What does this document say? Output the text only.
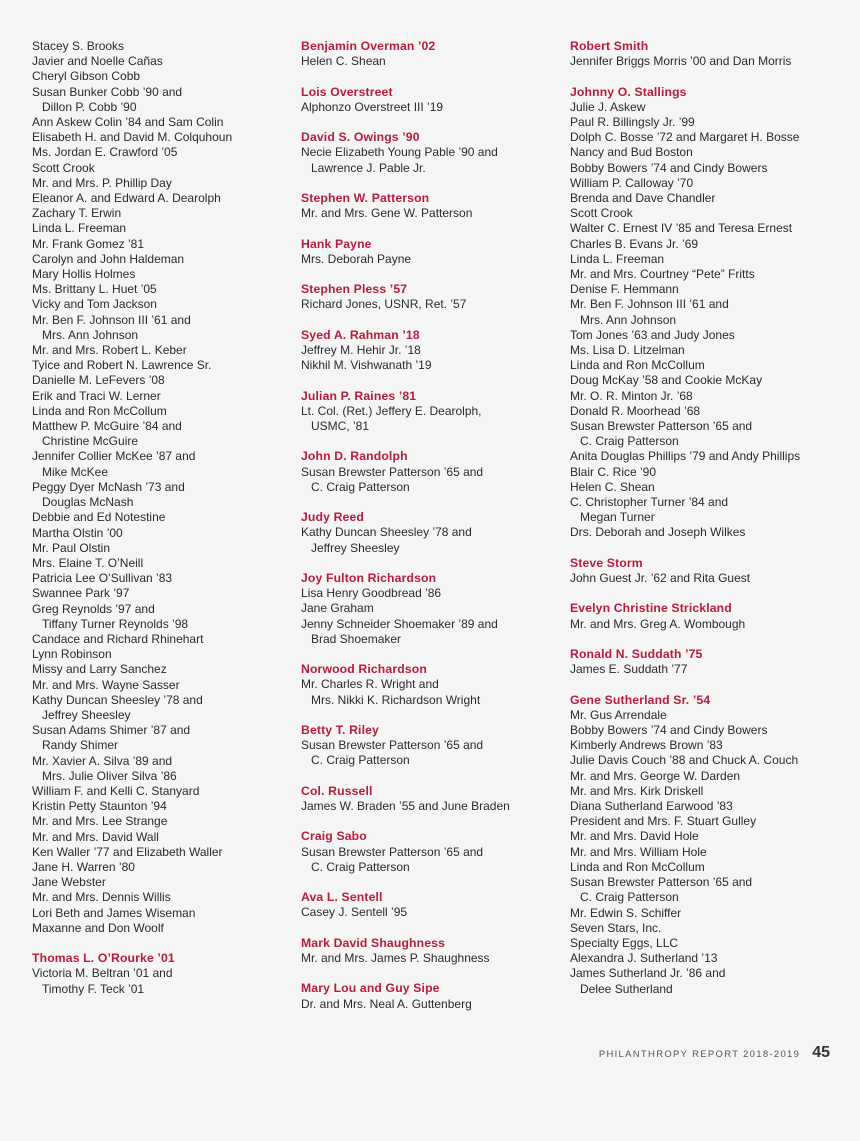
Stacey S. Brooks
Javier and Noelle Cañas
Cheryl Gibson Cobb
Susan Bunker Cobb ’90 and
Dillon P. Cobb ’90
Ann Askew Colin ’84 and Sam Colin
Elisabeth H. and David M. Colquhoun
Ms. Jordan E. Crawford ’05
Scott Crook
Mr. and Mrs. P. Phillip Day
Eleanor A. and Edward A. Dearolph
Zachary T. Erwin
Linda L. Freeman
Mr. Frank Gomez ’81
Carolyn and John Haldeman
Mary Hollis Holmes
Ms. Brittany L. Huet ’05
Vicky and Tom Jackson
Mr. Ben F. Johnson III ’61 and
Mrs. Ann Johnson
Mr. and Mrs. Robert L. Keber
Tyice and Robert N. Lawrence Sr.
Danielle M. LeFevers ’08
Erik and Traci W. Lerner
Linda and Ron McCollum
Matthew P. McGuire ’84 and
Christine McGuire
Jennifer Collier McKee ’87 and
Mike McKee
Peggy Dyer McNash ’73 and
Douglas McNash
Debbie and Ed Notestine
Martha Olstin ’00
Mr. Paul Olstin
Mrs. Elaine T. O’Neill
Patricia Lee O’Sullivan ’83
Swannee Park ’97
Greg Reynolds ’97 and
Tiffany Turner Reynolds ’98
Candace and Richard Rhinehart
Lynn Robinson
Missy and Larry Sanchez
Mr. and Mrs. Wayne Sasser
Kathy Duncan Sheesley ’78 and
Jeffrey Sheesley
Susan Adams Shimer ’87 and
Randy Shimer
Mr. Xavier A. Silva ’89 and
Mrs. Julie Oliver Silva ’86
William F. and Kelli C. Stanyard
Kristin Petty Staunton ’94
Mr. and Mrs. Lee Strange
Mr. and Mrs. David Wall
Ken Waller ’77 and Elizabeth Waller
Jane H. Warren ’80
Jane Webster
Mr. and Mrs. Dennis Willis
Lori Beth and James Wiseman
Maxanne and Don Woolf
Thomas L. O’Rourke ’01
Victoria M. Beltran ’01 and
Timothy F. Teck ’01
Benjamin Overman ’02
Helen C. Shean
Lois Overstreet
Alphonzo Overstreet III ’19
David S. Owings ’90
Necie Elizabeth Young Pable ’90 and
Lawrence J. Pable Jr.
Stephen W. Patterson
Mr. and Mrs. Gene W. Patterson
Hank Payne
Mrs. Deborah Payne
Stephen Pless ’57
Richard Jones, USNR, Ret. ’57
Syed A. Rahman ’18
Jeffrey M. Hehir Jr. ’18
Nikhil M. Vishwanath ’19
Julian P. Raines ’81
Lt. Col. (Ret.) Jeffery E. Dearolph,
USMC, ’81
John D. Randolph
Susan Brewster Patterson ’65 and
C. Craig Patterson
Judy Reed
Kathy Duncan Sheesley ’78 and
Jeffrey Sheesley
Joy Fulton Richardson
Lisa Henry Goodbread ’86
Jane Graham
Jenny Schneider Shoemaker ’89 and
Brad Shoemaker
Norwood Richardson
Mr. Charles R. Wright and
Mrs. Nikki K. Richardson Wright
Betty T. Riley
Susan Brewster Patterson ’65 and
C. Craig Patterson
Col. Russell
James W. Braden ’55 and June Braden
Craig Sabo
Susan Brewster Patterson ’65 and
C. Craig Patterson
Ava L. Sentell
Casey J. Sentell ’95
Mark David Shaughness
Mr. and Mrs. James P. Shaughness
Mary Lou and Guy Sipe
Dr. and Mrs. Neal A. Guttenberg
Robert Smith
Jennifer Briggs Morris ’00 and Dan Morris
Johnny O. Stallings
Julie J. Askew
Paul R. Billingsly Jr. ’99
Dolph C. Bosse ’72 and Margaret H. Bosse
Nancy and Bud Boston
Bobby Bowers ’74 and Cindy Bowers
William P. Calloway ’70
Brenda and Dave Chandler
Scott Crook
Walter C. Ernest IV ’85 and Teresa Ernest
Charles B. Evans Jr. ’69
Linda L. Freeman
Mr. and Mrs. Courtney “Pete” Fritts
Denise F. Hemmann
Mr. Ben F. Johnson III ’61 and
Mrs. Ann Johnson
Tom Jones ’63 and Judy Jones
Ms. Lisa D. Litzelman
Linda and Ron McCollum
Doug McKay ’58 and Cookie McKay
Mr. O. R. Minton Jr. ’68
Donald R. Moorhead ’68
Susan Brewster Patterson ’65 and
C. Craig Patterson
Anita Douglas Phillips ’79 and Andy Phillips
Blair C. Rice ’90
Helen C. Shean
C. Christopher Turner ’84 and
Megan Turner
Drs. Deborah and Joseph Wilkes
Steve Storm
John Guest Jr. ’62 and Rita Guest
Evelyn Christine Strickland
Mr. and Mrs. Greg A. Wombough
Ronald N. Suddath ’75
James E. Suddath ’77
Gene Sutherland Sr. ’54
Mr. Gus Arrendale
Bobby Bowers ’74 and Cindy Bowers
Kimberly Andrews Brown ’83
Julie Davis Couch ’88 and Chuck A. Couch
Mr. and Mrs. George W. Darden
Mr. and Mrs. Kirk Driskell
Diana Sutherland Earwood ’83
President and Mrs. F. Stuart Gulley
Mr. and Mrs. David Hole
Mr. and Mrs. William Hole
Linda and Ron McCollum
Susan Brewster Patterson ’65 and
C. Craig Patterson
Mr. Edwin S. Schiffer
Seven Stars, Inc.
Specialty Eggs, LLC
Alexandra J. Sutherland ’13
James Sutherland Jr. ’86 and
Delee Sutherland
PHILANTHROPY REPORT 2018-2019 45
